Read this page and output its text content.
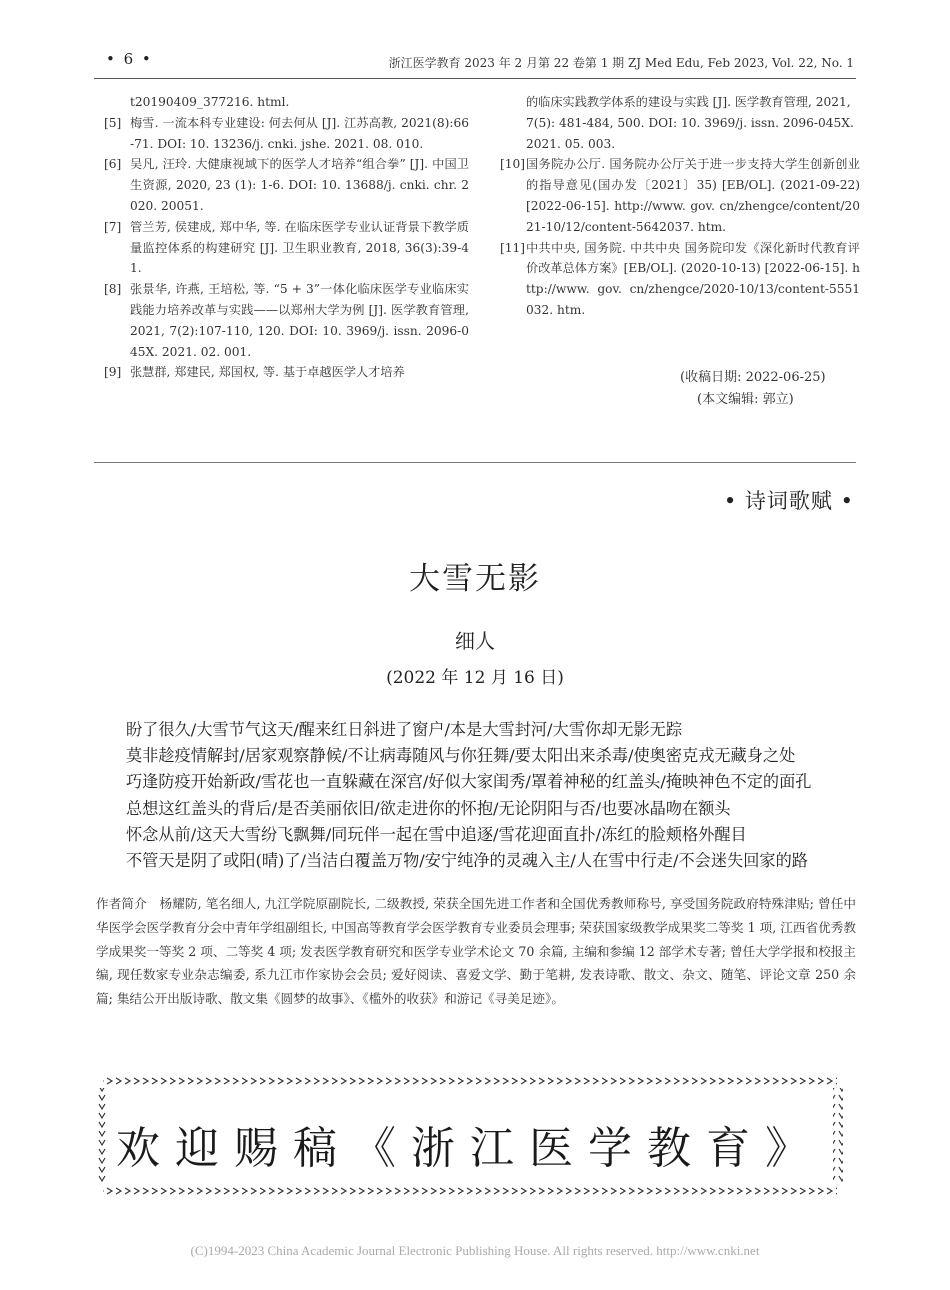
• 6 •	浙江医学教育 2023 年 2 月第 22 卷第 1 期 ZJ Med Edu, Feb 2023, Vol. 22, No. 1
t20190409_377216. html.
[5] 梅雪. 一流本科专业建设: 何去何从 [J]. 江苏高教, 2021(8):66-71. DOI: 10. 13236/j. cnki. jshe. 2021. 08. 010.
[6] 吴凡, 汪玲. 大健康视域下的医学人才培养“组合拳” [J]. 中国卫生资源, 2020, 23 (1): 1-6. DOI: 10. 13688/j. cnki. chr. 2020. 20051.
[7] 管兰芳, 侯建成, 郑中华, 等. 在临床医学专业认证背景下教学质量监控体系的构建研究 [J]. 卫生职业教育, 2018, 36(3):39-41.
[8] 张景华, 许燕, 王培松, 等. “5 + 3”一体化临床医学专业临床实践能力培养改革与实践——以郑州大学为例 [J]. 医学教育管理, 2021, 7(2):107-110, 120. DOI: 10. 3969/j. issn. 2096-045X. 2021. 02. 001.
[9] 张慧群, 郑建民, 郑国权, 等. 基于卓越医学人才培养
的临床实践教学体系的建设与实践 [J]. 医学教育管理, 2021, 7(5): 481-484, 500. DOI: 10. 3969/j. issn. 2096-045X. 2021. 05. 003.
[10] 国务院办公厅. 国务院办公厅关于进一步支持大学生创新创业的指导意见(国办发〔2021〕35) [EB/OL]. (2021-09-22) [2022-06-15]. http://www. gov. cn/zhengce/content/2021-10/12/content-5642037. htm.
[11] 中共中央, 国务院. 中共中央 国务院印发《深化新时代教育评价改革总体方案》[EB/OL]. (2020-10-13) [2022-06-15]. http://www. gov. cn/zhengce/2020-10/13/content-5551032. htm.
(收稿日期: 2022-06-25)
(本文编辑: 郭立)
• 诗词歌赋 •
大雪无影
细人
(2022 年 12 月 16 日)
盼了很久/大雪节气这天/醒来红日斜进了窗户/本是大雪封河/大雪你却无影无踪
莫非趁疫情解封/居家观察静候/不让病毒随风与你狂舞/要太阳出来杀毒/使奥密克戎无藏身之处
巧逢防疫开始新政/雪花也一直躲藏在深宫/好似大家闺秀/罩着神秘的红盖头/掩映神色不定的面孔
总想这红盖头的背后/是否美丽依旧/欲走进你的怀抱/无论阴阳与否/也要冰晶吻在额头
怀念从前/这天大雪纷飞飘舞/同玩伴一起在雪中追逐/雪花迎面直扑/冻红的脸颊格外醒目
不管天是阴了或阳(晴)了/当洁白覆盖万物/安宁纯净的灵魂入主/人在雪中行走/不会迷失回家的路
作者简介　杨耀防, 笔名细人, 九江学院原副院长, 二级教授, 荣获全国先进工作者和全国优秀教师称号, 享受国务院政府特殊津贴; 曾任中华医学会医学教育分会中青年学组副组长, 中国高等教育学会医学教育专业委员会理事; 荣获国家级教学成果奖二等奖 1 项, 江西省优秀教学成果奖一等奖 2 项、二等奖 4 项; 发表医学教育研究和医学专业学术论文 70 余篇, 主编和参编 12 部学术专著; 曾任大学学报和校报主编, 现任数家专业杂志编委, 系九江市作家协会会员; 爱好阅读、喜爱文学、勤于笔耕, 发表诗歌、散文、杂文、随笔、评论文章 250 余篇; 集结公开出版诗歌、散文集《圆梦的故事》、《槛外的收获》和游记《寻美足迹》。
欢迎赐稿《浙江医学教育》
(C)1994-2023 China Academic Journal Electronic Publishing House. All rights reserved. http://www.cnki.net
